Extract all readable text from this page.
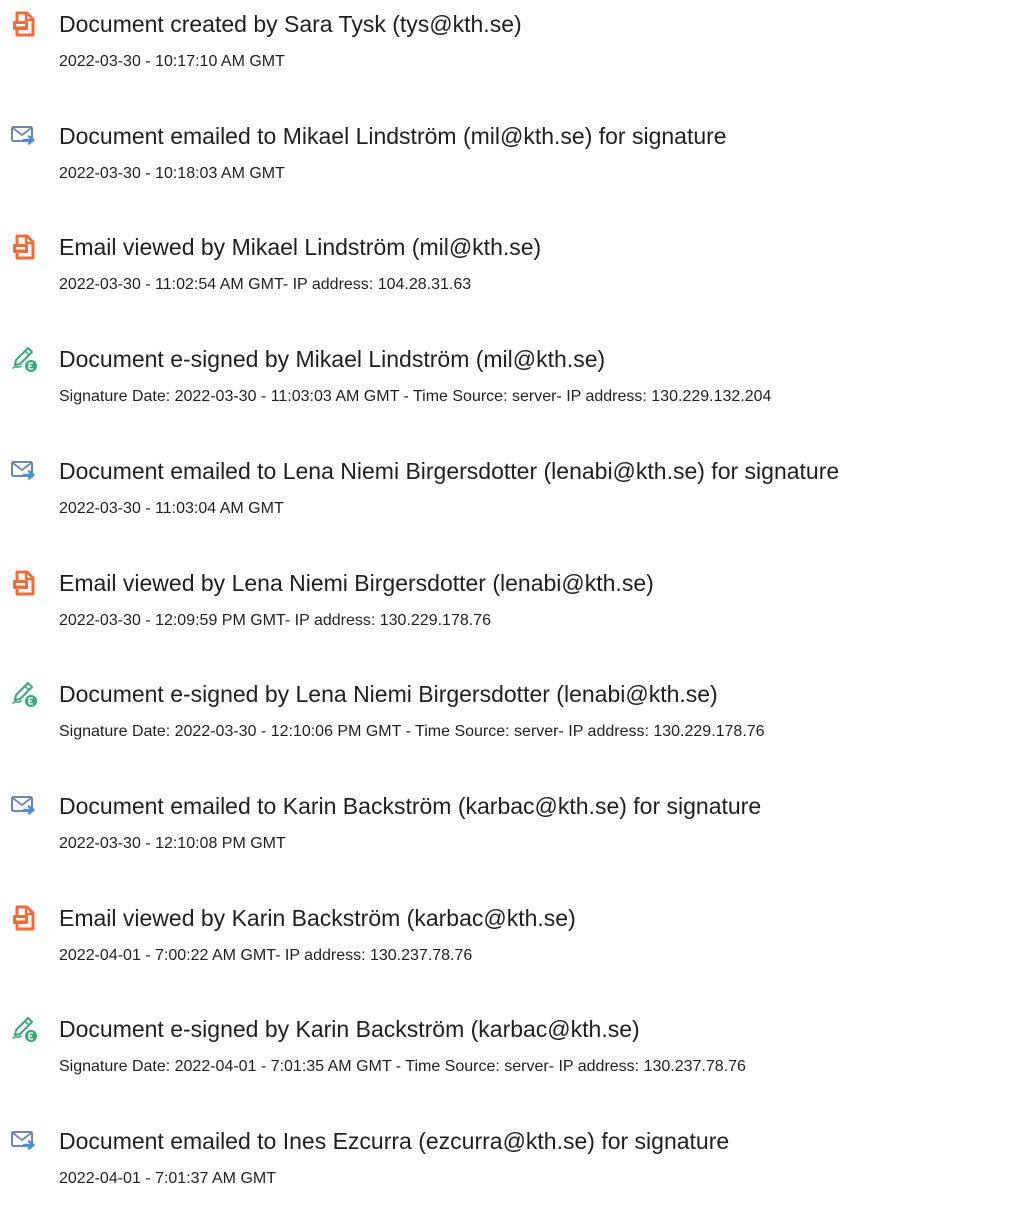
Document created by Sara Tysk (tys@kth.se)
2022-03-30 - 10:17:10 AM GMT
Document emailed to Mikael Lindström (mil@kth.se) for signature
2022-03-30 - 10:18:03 AM GMT
Email viewed by Mikael Lindström (mil@kth.se)
2022-03-30 - 11:02:54 AM GMT- IP address: 104.28.31.63
Document e-signed by Mikael Lindström (mil@kth.se)
Signature Date: 2022-03-30 - 11:03:03 AM GMT - Time Source: server- IP address: 130.229.132.204
Document emailed to Lena Niemi Birgersdotter (lenabi@kth.se) for signature
2022-03-30 - 11:03:04 AM GMT
Email viewed by Lena Niemi Birgersdotter (lenabi@kth.se)
2022-03-30 - 12:09:59 PM GMT- IP address: 130.229.178.76
Document e-signed by Lena Niemi Birgersdotter (lenabi@kth.se)
Signature Date: 2022-03-30 - 12:10:06 PM GMT - Time Source: server- IP address: 130.229.178.76
Document emailed to Karin Backström (karbac@kth.se) for signature
2022-03-30 - 12:10:08 PM GMT
Email viewed by Karin Backström (karbac@kth.se)
2022-04-01 - 7:00:22 AM GMT- IP address: 130.237.78.76
Document e-signed by Karin Backström (karbac@kth.se)
Signature Date: 2022-04-01 - 7:01:35 AM GMT - Time Source: server- IP address: 130.237.78.76
Document emailed to Ines Ezcurra (ezcurra@kth.se) for signature
2022-04-01 - 7:01:37 AM GMT
